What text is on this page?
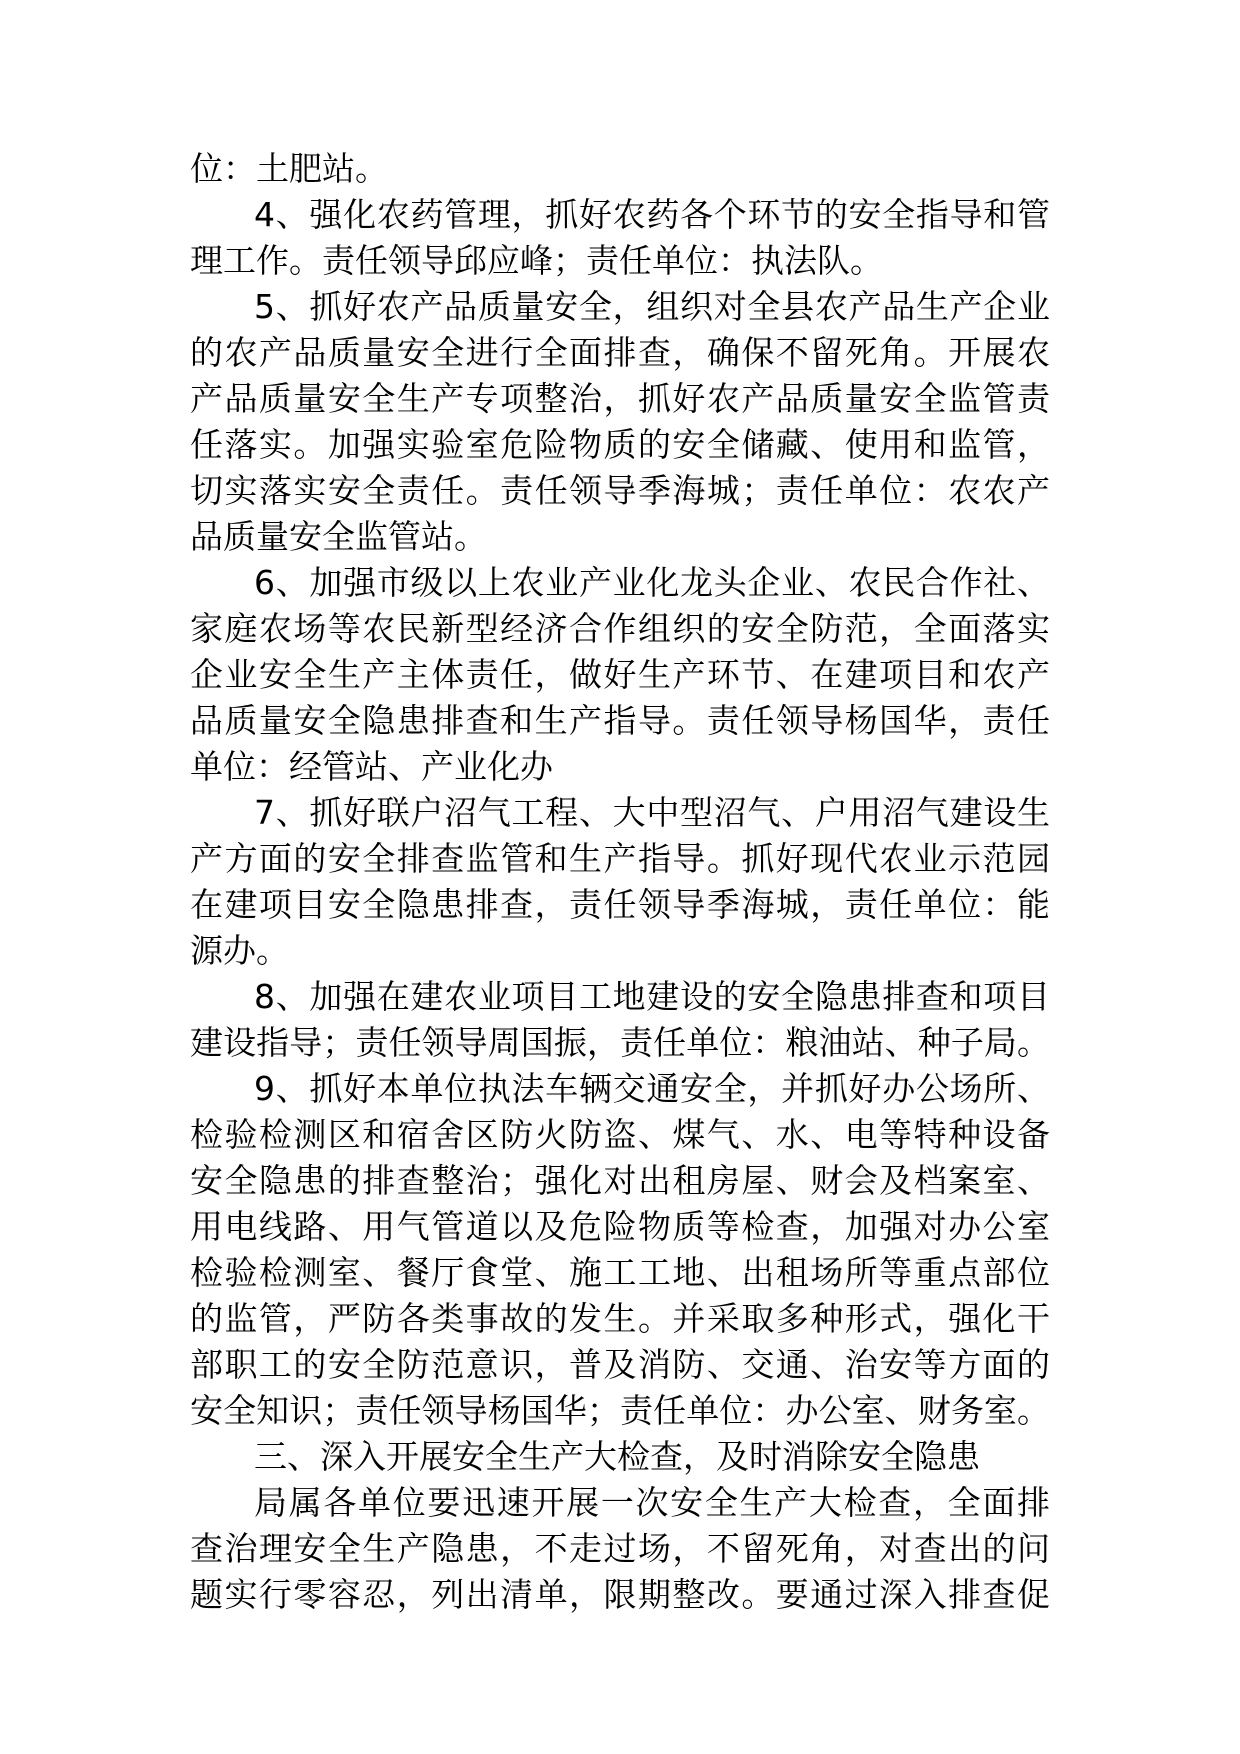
位：土肥站。
4、强化农药管理，抓好农药各个环节的安全指导和管
理工作。责任领导邱应峰；责任单位：执法队。
5、抓好农产品质量安全，组织对全县农产品生产企业
的农产品质量安全进行全面排查，确保不留死角。开展农
产品质量安全生产专项整治，抓好农产品质量安全监管责
任落实。加强实验室危险物质的安全储藏、使用和监管，
切实落实安全责任。责任领导季海城；责任单位：农农产
品质量安全监管站。
6、加强市级以上农业产业化龙头企业、农民合作社、
家庭农场等农民新型经济合作组织的安全防范，全面落实
企业安全生产主体责任，做好生产环节、在建项目和农产
品质量安全隐患排查和生产指导。责任领导杨国华，责任
单位：经管站、产业化办
7、抓好联户沼气工程、大中型沼气、户用沼气建设生
产方面的安全排查监管和生产指导。抓好现代农业示范园
在建项目安全隐患排查，责任领导季海城，责任单位：能
源办。
8、加强在建农业项目工地建设的安全隐患排查和项目
建设指导；责任领导周国振，责任单位：粮油站、种子局。
9、抓好本单位执法车辆交通安全，并抓好办公场所、
检验检测区和宿舍区防火防盗、煤气、水、电等特种设备
安全隐患的排查整治；强化对出租房屋、财会及档案室、
用电线路、用气管道以及危险物质等检查，加强对办公室
检验检测室、餐厅食堂、施工工地、出租场所等重点部位
的监管，严防各类事故的发生。并采取多种形式，强化干
部职工的安全防范意识，普及消防、交通、治安等方面的
安全知识；责任领导杨国华；责任单位：办公室、财务室。
三、深入开展安全生产大检查，及时消除安全隐患
局属各单位要迅速开展一次安全生产大检查，全面排
查治理安全生产隐患，不走过场，不留死角，对查出的问
题实行零容忍，列出清单，限期整改。要通过深入排查促
